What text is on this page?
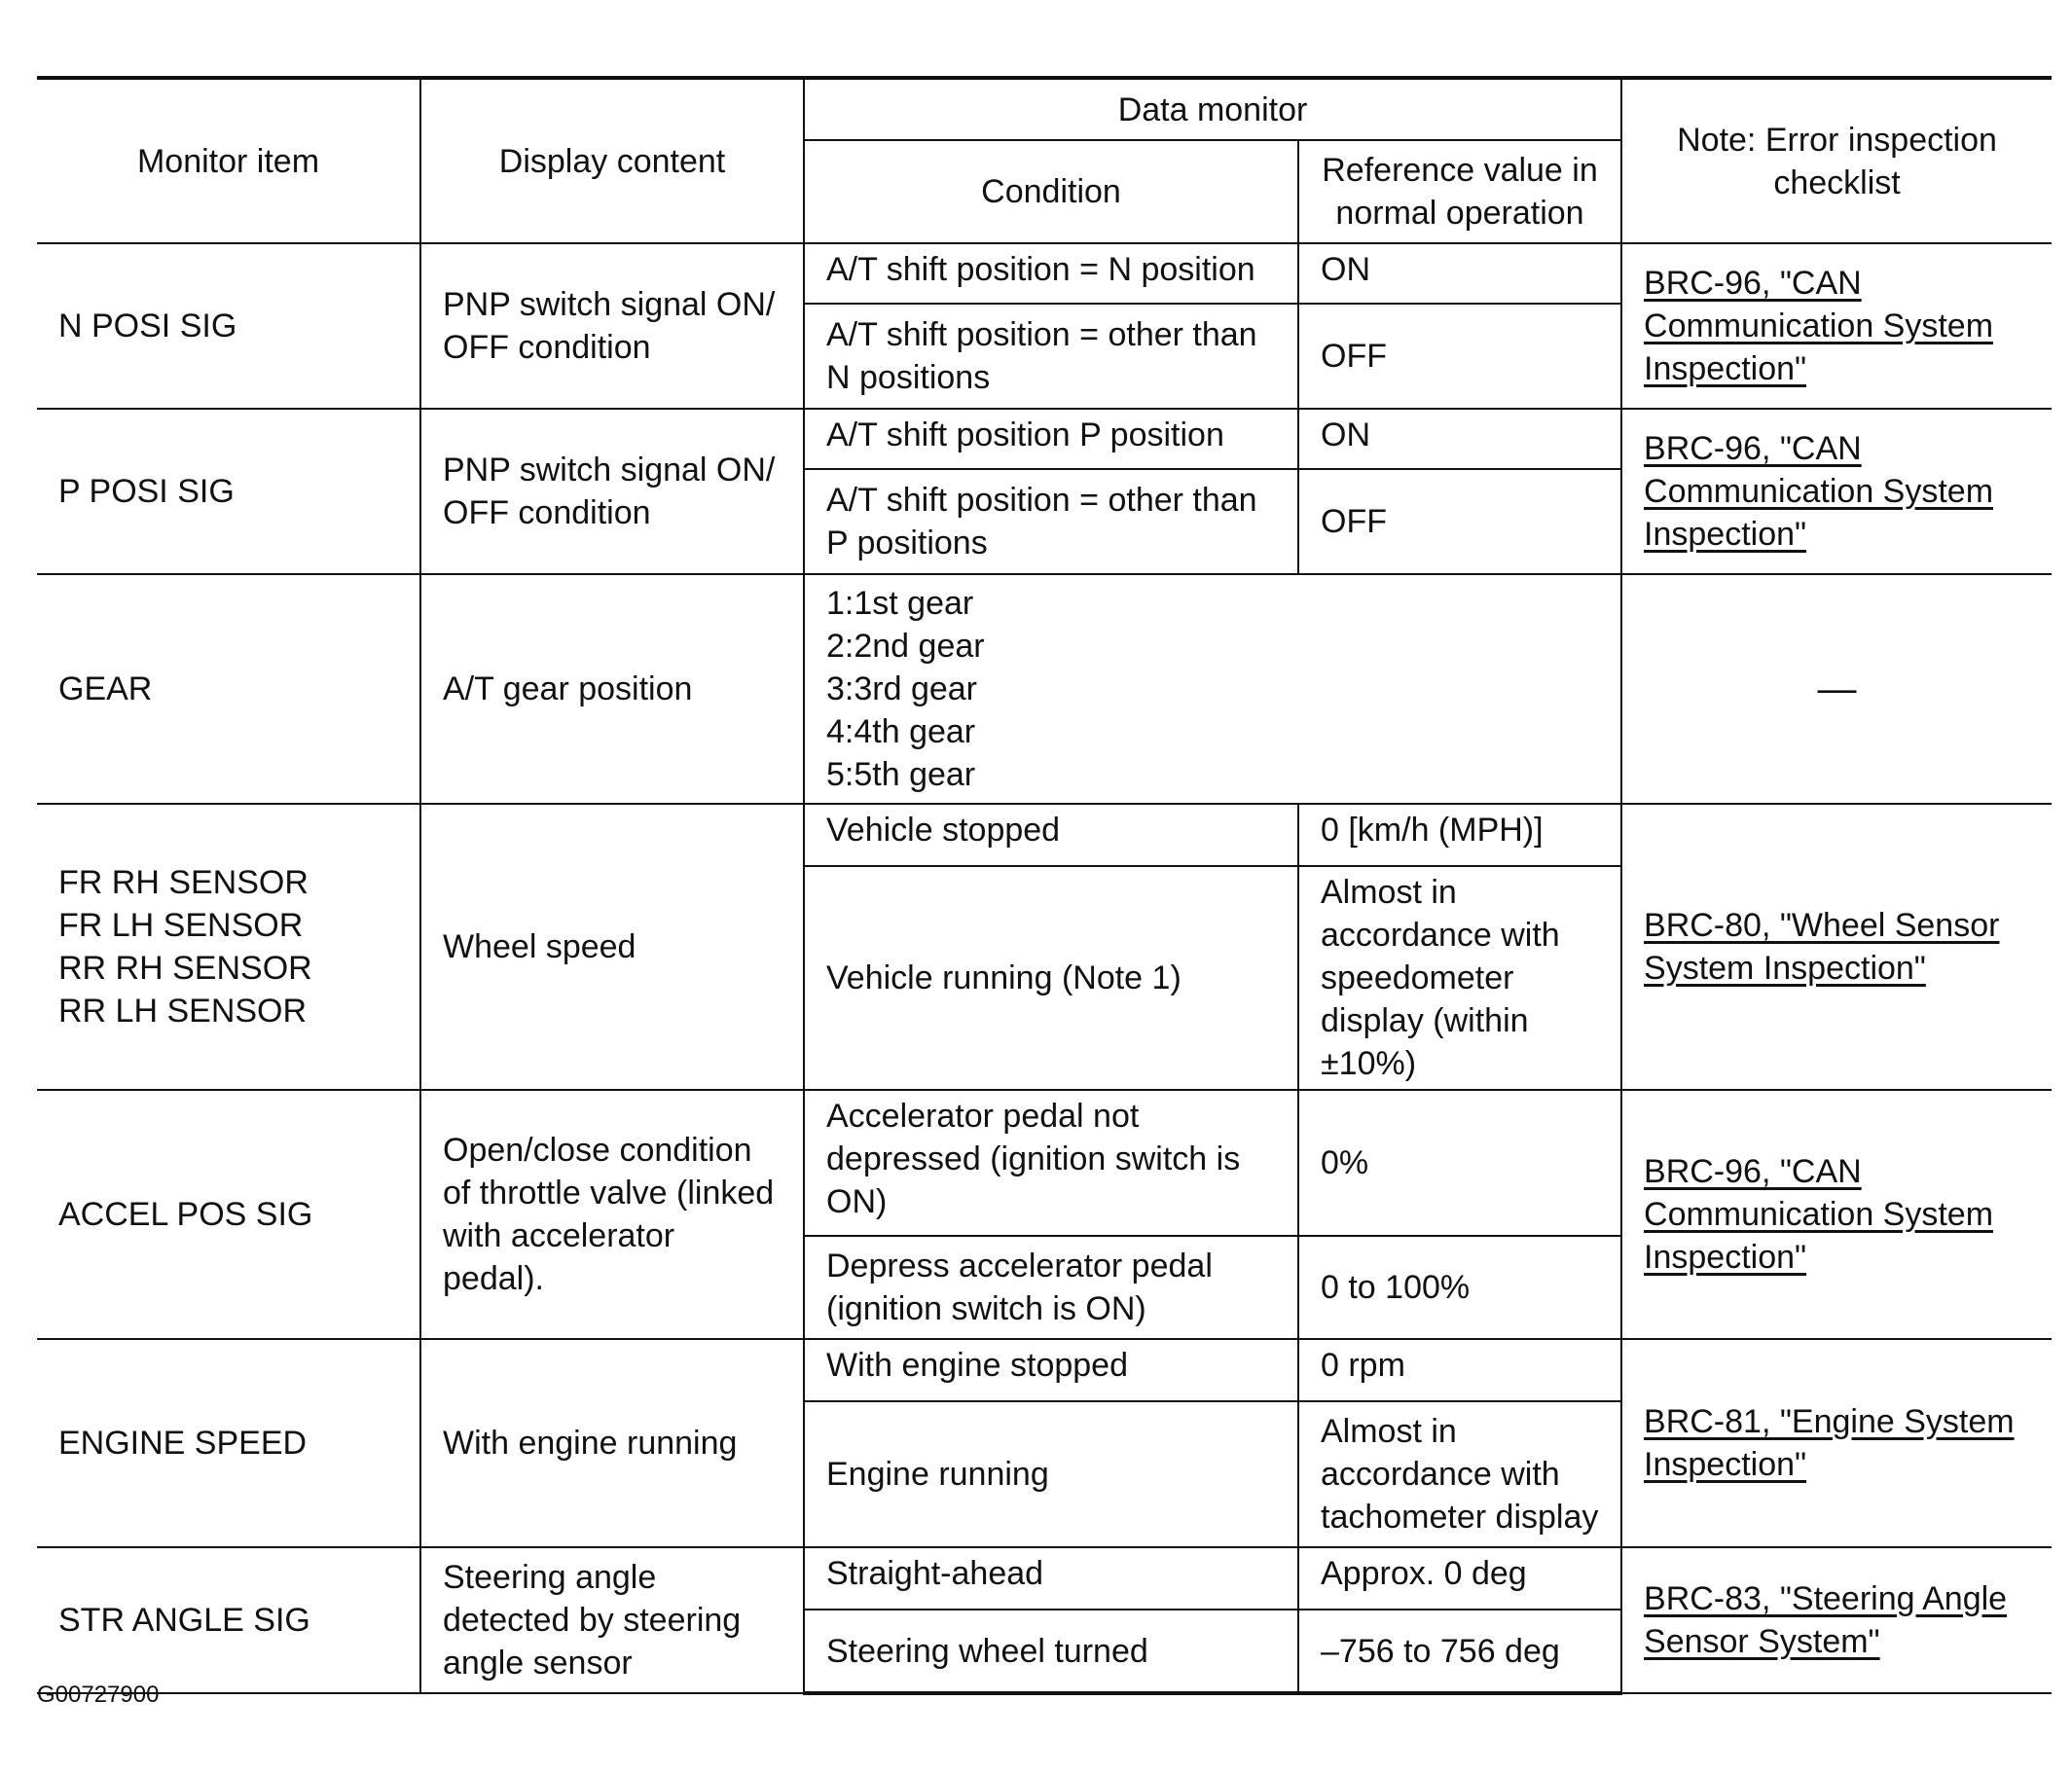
Monitor item	Display content	Data monitor		Note: Error inspection checklist
		Condition	Reference value in normal operation	
N POSI SIG	PNP switch signal ON/ OFF condition	A/T shift position = N position	ON	BRC-96, "CAN Communication System Inspection"
		A/T shift position = other than N positions	OFF	
P POSI SIG	PNP switch signal ON/ OFF condition	A/T shift position P position	ON	BRC-96, "CAN Communication System Inspection"
		A/T shift position = other than P positions	OFF	
GEAR	A/T gear position	1:1st gear
2:2nd gear
3:3rd gear
4:4th gear
5:5th gear		—
FR RH SENSOR
FR LH SENSOR
RR RH SENSOR
RR LH SENSOR	Wheel speed	Vehicle stopped	0 [km/h (MPH)]	BRC-80, "Wheel Sensor System Inspection"
		Vehicle running (Note 1)	Almost in accordance with speedometer display (within ±10%)	
ACCEL POS SIG	Open/close condition of throttle valve (linked with accelerator pedal).	Accelerator pedal not depressed (ignition switch is ON)	0%	BRC-96, "CAN Communication System Inspection"
		Depress accelerator pedal (ignition switch is ON)	0 to 100%	
ENGINE SPEED	With engine running	With engine stopped	0 rpm	BRC-81, "Engine System Inspection"
		Engine running	Almost in accordance with tachometer display	
STR ANGLE SIG	Steering angle detected by steering angle sensor	Straight-ahead	Approx. 0 deg	BRC-83, "Steering Angle Sensor System"
		Steering wheel turned	–756 to 756 deg	
G00727900
